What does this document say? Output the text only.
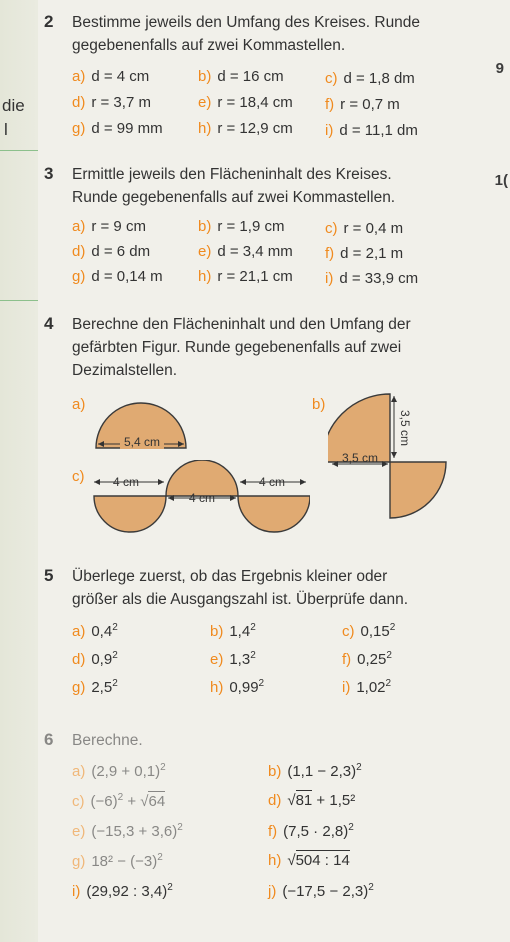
die
l
9
1(
2 Bestimme jeweils den Umfang des Kreises. Runde
gegebenenfalls auf zwei Kommastellen.
a) d = 4 cm	b) d = 16 cm	c) d = 1,8 dm
d) r = 3,7 m	e) r = 18,4 cm f) r = 0,7 m
g) d = 99 mm h) r = 12,9 cm i) d = 11,1 dm
3 Ermittle jeweils den Flächeninhalt des Kreises.
Runde gegebenenfalls auf zwei Kommastellen.
a) r = 9 cm	b) r = 1,9 cm	c) r = 0,4 m
d) d = 6 dm	e) d = 3,4 mm f) d = 2,1 m
g) d = 0,14 m h) r = 21,1 cm i) d = 33,9 cm
4 Berechne den Flächeninhalt und den Umfang der
gefärbten Figur. Runde gegebenenfalls auf zwei
Dezimalstellen.
a)
5,4 cm
b)
3,5 cm
3,5 cm
c)	4 cm
4 cm
4 cm
5 Überlege zuerst, ob das Ergebnis kleiner oder
größer als die Ausgangszahl ist. Überprüfe dann.
a) $0,4^2$	b) $1,4^2$	c) 0,15$^2$
d) $0,9^2$	e) $1,3^2$	f) 0,25$^2$
g) $2,5^2$	h) 0,99$^2$	i) 1,02$^2$
6 Berechne.
a) $(2,9 + 0,1)^2$	b) $(1,1 - 2,3)^2$
c) $(-6)^2 + √64$	d) √81 + 1,5²
e) $(-15,3 + 3,6)^2$	f) $(7,5 \cdot 2,8)^2$
g) $18^2 - (-3)^2$	h) √504 : 14
i) (29,92 : 3,4)$^2$	j) $(-17,5 - 2,3)^2$
